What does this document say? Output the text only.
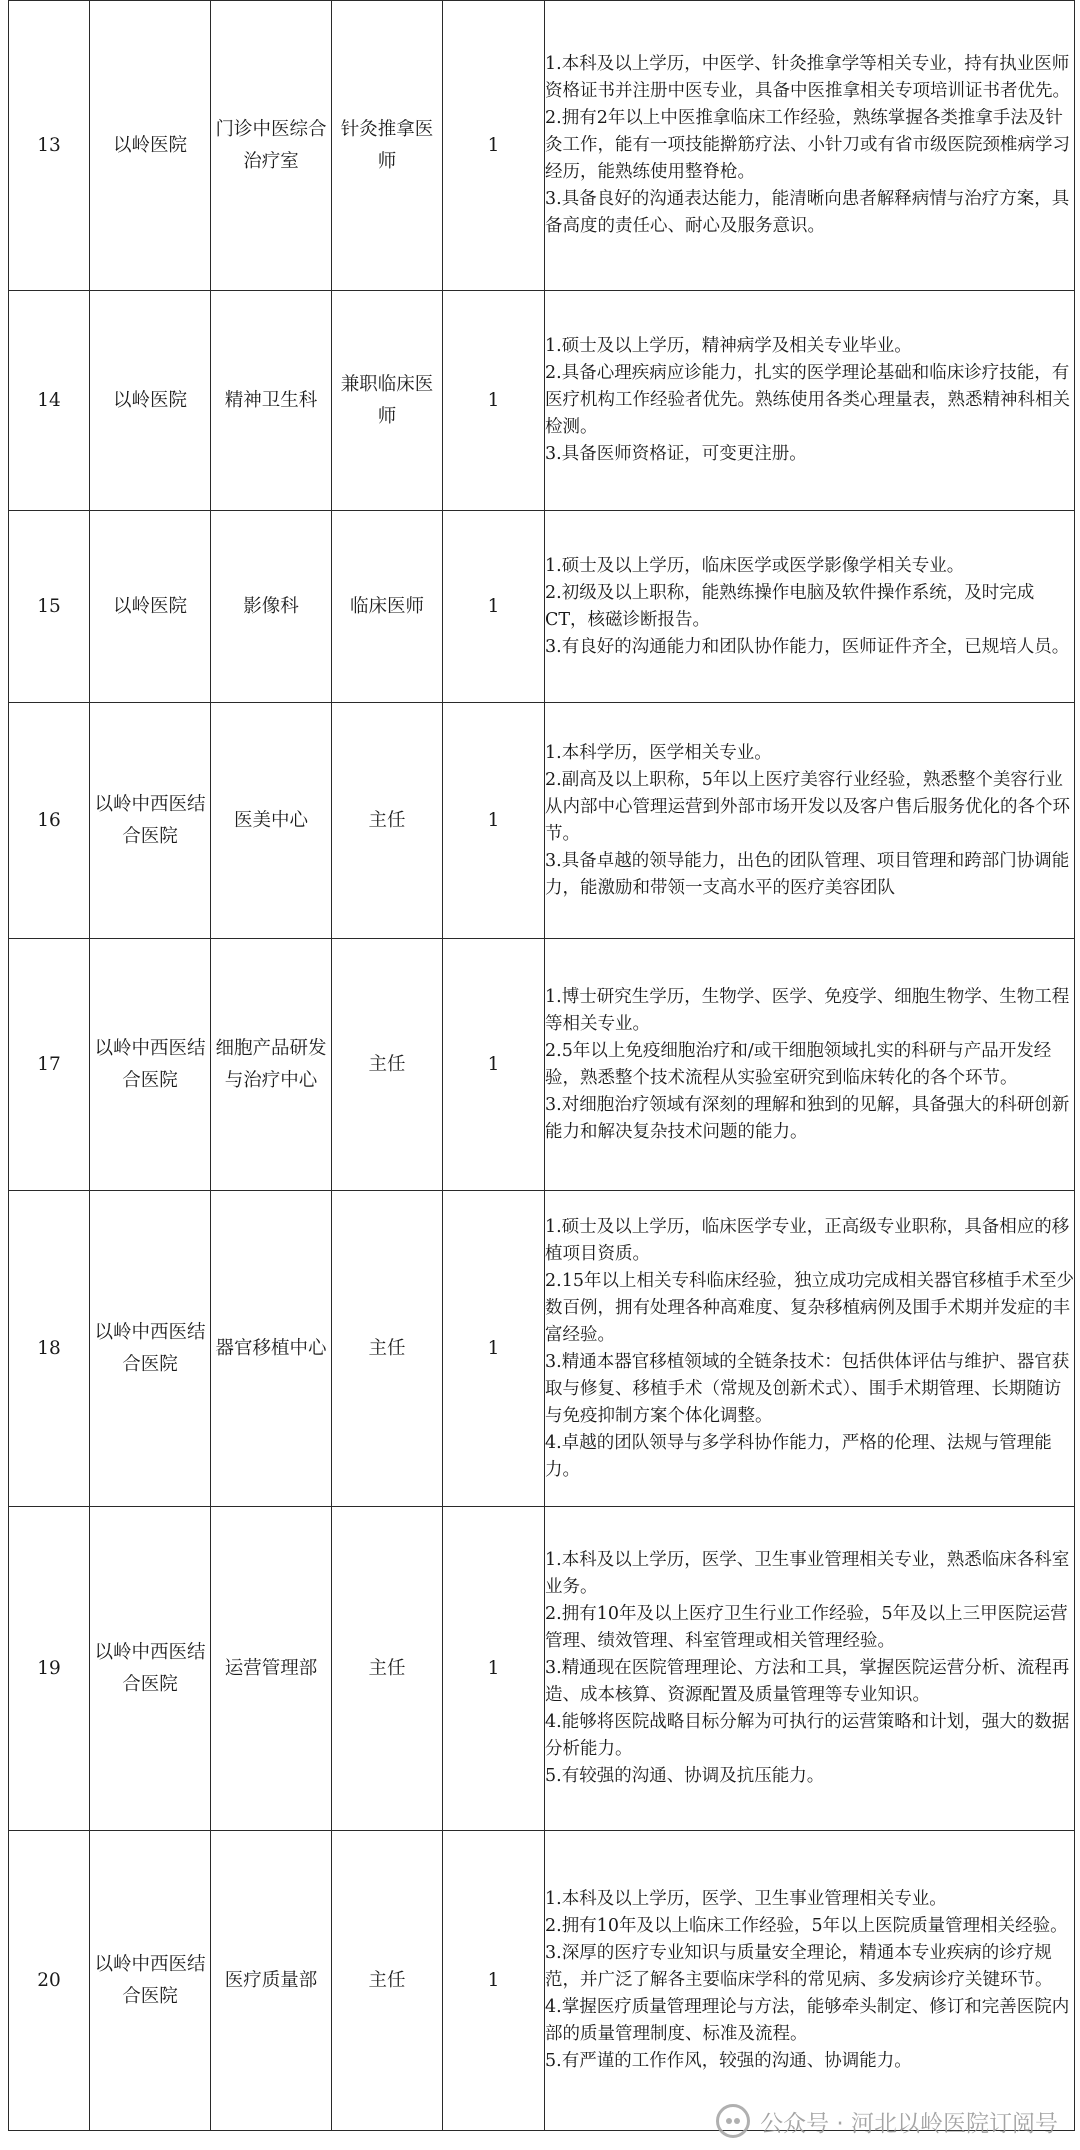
13	以岭医院	门诊中医综合治疗室	针灸推拿医师	1	1.本科及以上学历，中医学、针灸推拿学等相关专业，持有执业医师资格证书并注册中医专业，具备中医推拿相关专项培训证书者优先。
2.拥有2年以上中医推拿临床工作经验，熟练掌握各类推拿手法及针灸工作，能有一项技能擀筋疗法、小针刀或有省市级医院颈椎病学习经历，能熟练使用整脊枪。
3.具备良好的沟通表达能力，能清晰向患者解释病情与治疗方案，具备高度的责任心、耐心及服务意识。

14	以岭医院	精神卫生科	兼职临床医师	1	1.硕士及以上学历，精神病学及相关专业毕业。
2.具备心理疾病应诊能力，扎实的医学理论基础和临床诊疗技能，有医疗机构工作经验者优先。熟练使用各类心理量表，熟悉精神科相关检测。
3.具备医师资格证，可变更注册。

15	以岭医院	影像科	临床医师	1	1.硕士及以上学历，临床医学或医学影像学相关专业。
2.初级及以上职称，能熟练操作电脑及软件操作系统，及时完成CT，核磁诊断报告。
3.有良好的沟通能力和团队协作能力，医师证件齐全，已规培人员。

16	以岭中西医结合医院	医美中心	主任	1	1.本科学历，医学相关专业。
2.副高及以上职称，5年以上医疗美容行业经验，熟悉整个美容行业从内部中心管理运营到外部市场开发以及客户售后服务优化的各个环节。
3.具备卓越的领导能力，出色的团队管理、项目管理和跨部门协调能力，能激励和带领一支高水平的医疗美容团队

17	以岭中西医结合医院	细胞产品研发与治疗中心	主任	1	1.博士研究生学历，生物学、医学、免疫学、细胞生物学、生物工程等相关专业。
2.5年以上免疫细胞治疗和/或干细胞领域扎实的科研与产品开发经验，熟悉整个技术流程从实验室研究到临床转化的各个环节。
3.对细胞治疗领域有深刻的理解和独到的见解，具备强大的科研创新能力和解决复杂技术问题的能力。

18	以岭中西医结合医院	器官移植中心	主任	1	1.硕士及以上学历，临床医学专业，正高级专业职称，具备相应的移植项目资质。
2.15年以上相关专科临床经验，独立成功完成相关器官移植手术至少数百例，拥有处理各种高难度、复杂移植病例及围手术期并发症的丰富经验。
3.精通本器官移植领域的全链条技术：包括供体评估与维护、器官获取与修复、移植手术（常规及创新术式）、围手术期管理、长期随访与免疫抑制方案个体化调整。
4.卓越的团队领导与多学科协作能力，严格的伦理、法规与管理能力。

19	以岭中西医结合医院	运营管理部	主任	1	1.本科及以上学历，医学、卫生事业管理相关专业，熟悉临床各科室业务。
2.拥有10年及以上医疗卫生行业工作经验，5年及以上三甲医院运营管理、绩效管理、科室管理或相关管理经验。
3.精通现在医院管理理论、方法和工具，掌握医院运营分析、流程再造、成本核算、资源配置及质量管理等专业知识。
4.能够将医院战略目标分解为可执行的运营策略和计划，强大的数据分析能力。
5.有较强的沟通、协调及抗压能力。

20	以岭中西医结合医院	医疗质量部	主任	1	1.本科及以上学历，医学、卫生事业管理相关专业。
2.拥有10年及以上临床工作经验，5年以上医院质量管理相关经验。
3.深厚的医疗专业知识与质量安全理论，精通本专业疾病的诊疗规范，并广泛了解各主要临床学科的常见病、多发病诊疗关键环节。
4.掌握医疗质量管理理论与方法，能够牵头制定、修订和完善医院内部的质量管理制度、标准及流程。
5.有严谨的工作作风，较强的沟通、协调能力。
公众号 · 河北以岭医院订阅号
